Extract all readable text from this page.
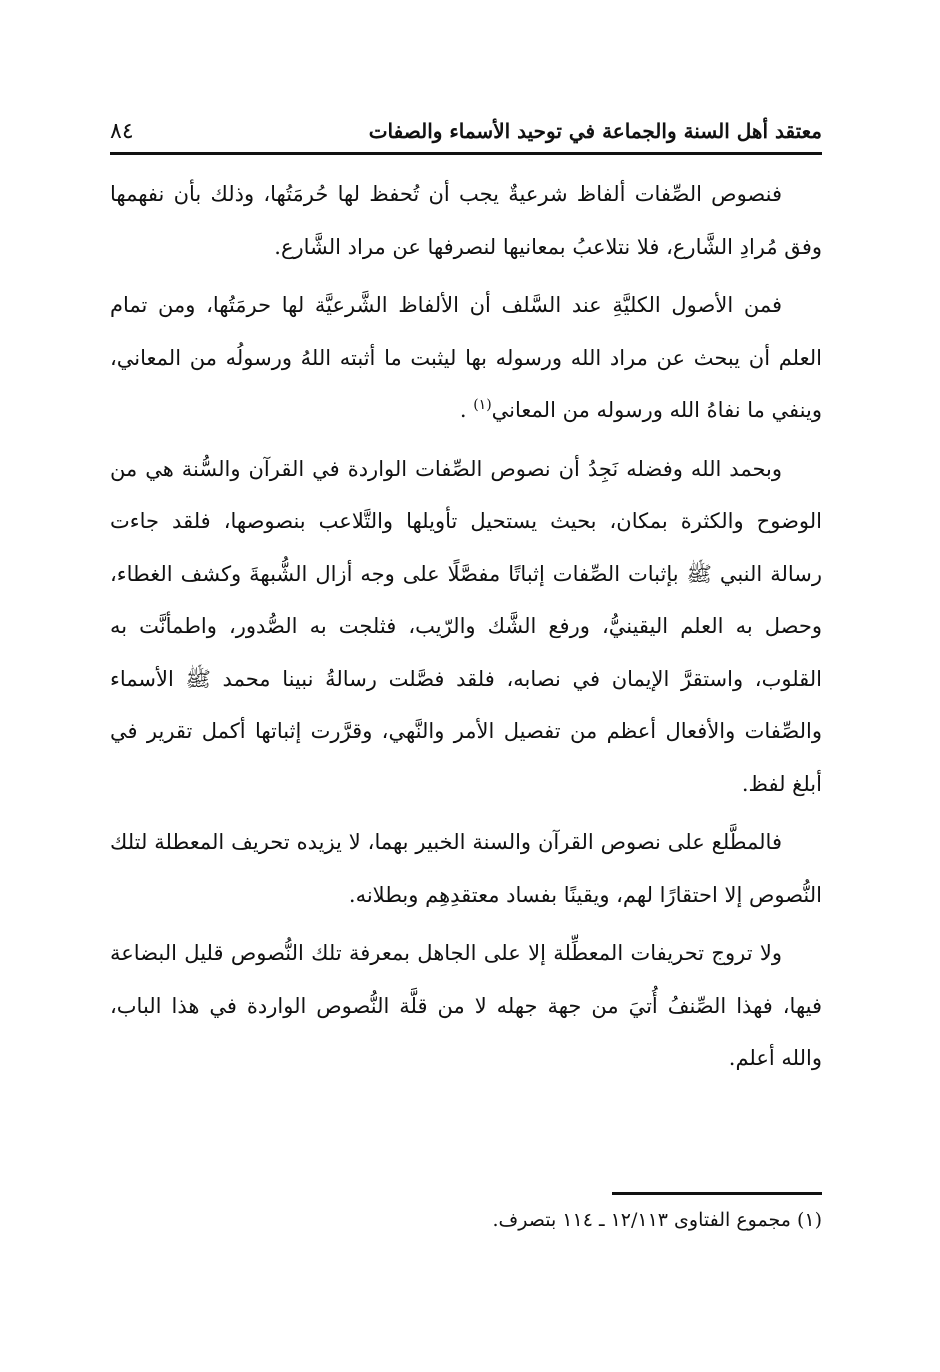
٨٤	معتقد أهل السنة والجماعة في توحيد الأسماء والصفات

فنصوص الصِّفات ألفاظ شرعيةٌ يجب أن تُحفظ لها حُرمَتُها، وذلك بأن نفهمها وفق مُرادِ الشَّارع، فلا نتلاعبُ بمعانيها لنصرفها عن مراد الشَّارع.

فمن الأصول الكليَّةِ عند السَّلف أن الألفاظ الشَّرعيَّة لها حرمَتُها، ومن تمام العلم أن يبحث عن مراد الله ورسوله بها ليثبت ما أثبته اللهُ ورسولُه من المعاني، وينفي ما نفاهُ الله ورسوله من المعاني$^{(١)}$ .

وبحمد الله وفضله نَجِدُ أن نصوص الصِّفات الواردة في القرآن والسُّنة هي من الوضوح والكثرة بمكان، بحيث يستحيل تأويلها والتَّلاعب بنصوصها، فلقد جاءت رسالة النبي ﷺ بإثبات الصِّفات إثباتًا مفصَّلًا على وجه أزال الشُّبهةَ وكشف الغطاء، وحصل به العلم اليقينيُّ، ورفع الشَّك والرّيب، فثلجت به الصُّدور، واطمأنَّت به القلوب، واستقرَّ الإيمان في نصابه، فلقد فصَّلت رسالةُ نبينا محمد ﷺ الأسماء والصِّفات والأفعال أعظم من تفصيل الأمر والنَّهي، وقرَّرت إثباتها أكمل تقرير في أبلغ لفظ.

فالمطَّلع على نصوص القرآن والسنة الخبير بهما، لا يزيده تحريف المعطلة لتلك النُّصوص إلا احتقارًا لهم، ويقينًا بفساد معتقدِهِم وبطلانه.

ولا تروج تحريفات المعطِّلة إلا على الجاهل بمعرفة تلك النُّصوص قليل البضاعة فيها، فهذا الصِّنفُ أُتيَ من جهة جهله لا من قلَّة النُّصوص الواردة في هذا الباب، والله أعلم.

(١) مجموع الفتاوى ١٢/١١٣ ـ ١١٤ بتصرف.
